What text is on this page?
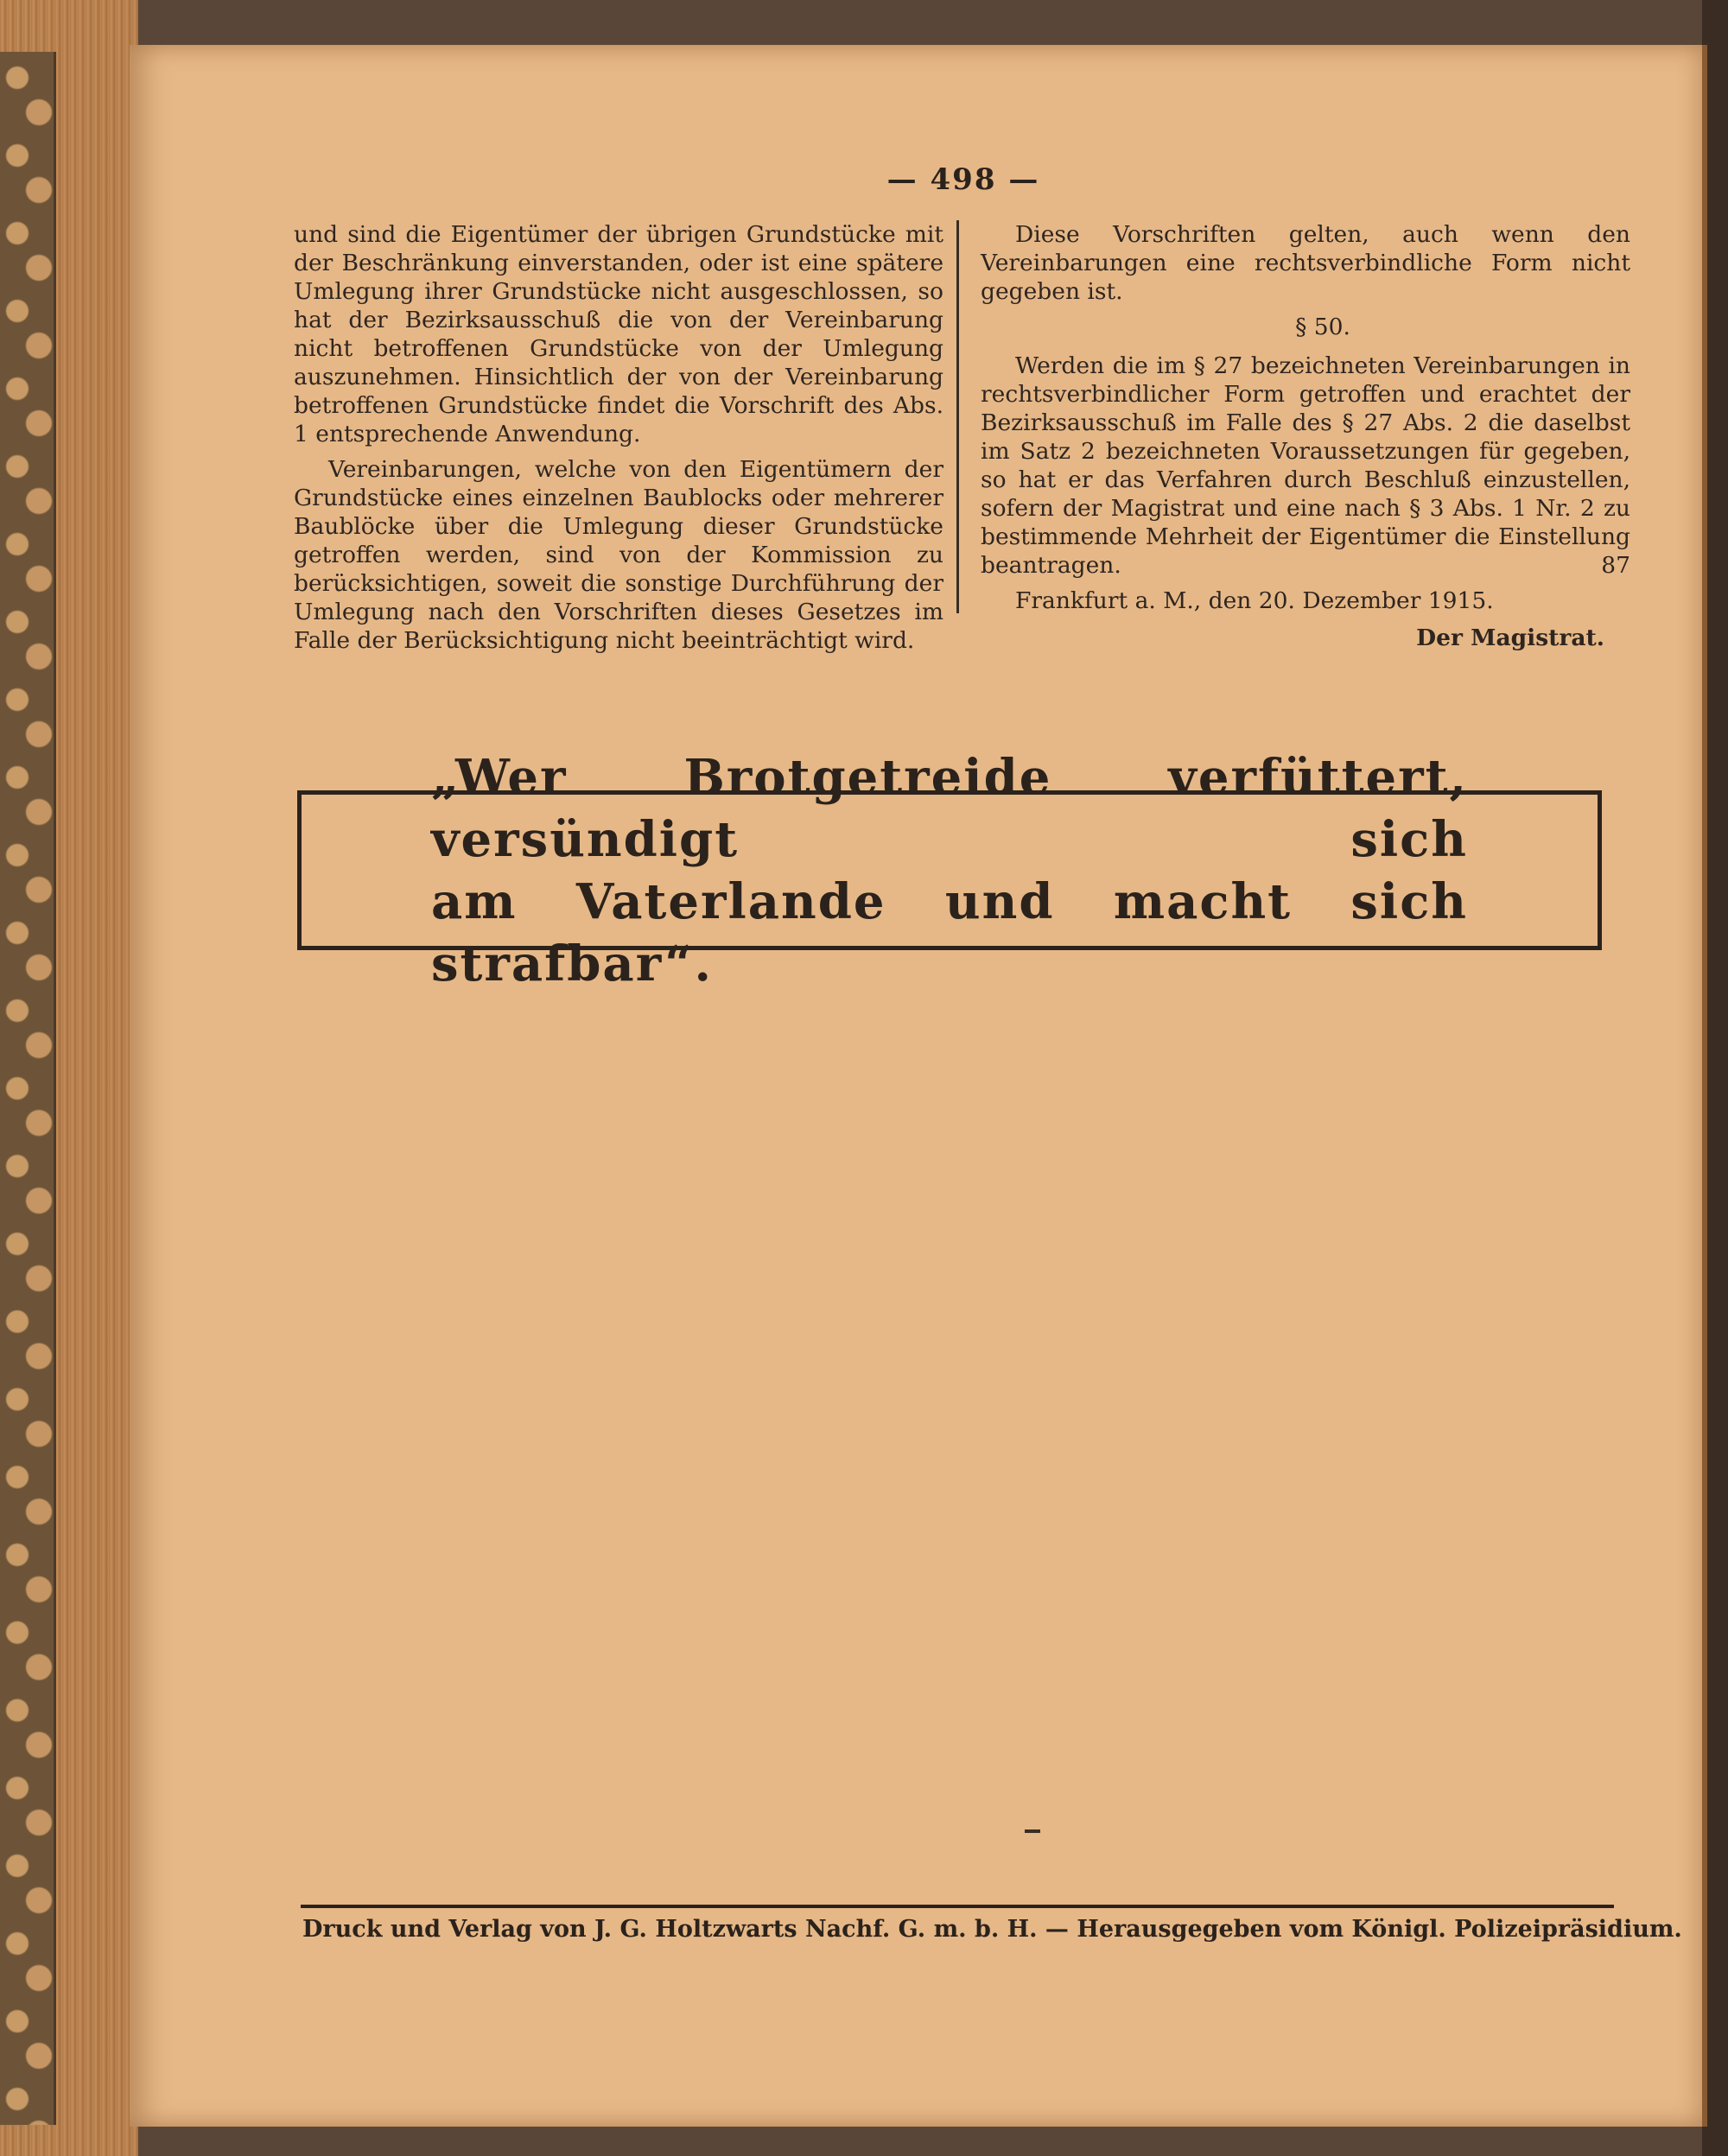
— 498 —

und sind die Eigentümer der übrigen Grundstücke mit der Beschränkung einverstanden, oder ist eine spätere Umlegung ihrer Grundstücke nicht ausgeschlossen, so hat der Bezirksausschuß die von der Vereinbarung nicht betroffenen Grundstücke von der Umlegung auszunehmen. Hinsichtlich der von der Vereinbarung betroffenen Grundstücke findet die Vorschrift des Abs. 1 entsprechende Anwendung.

Vereinbarungen, welche von den Eigentümern der Grundstücke eines einzelnen Baublocks oder mehrerer Baublöcke über die Umlegung dieser Grundstücke getroffen werden, sind von der Kommission zu berücksichtigen, soweit die sonstige Durchführung der Umlegung nach den Vorschriften dieses Gesetzes im Falle der Berücksichtigung nicht beeinträchtigt wird.

Diese Vorschriften gelten, auch wenn den Vereinbarungen eine rechtsverbindliche Form nicht gegeben ist.

§ 50.

Werden die im § 27 bezeichneten Vereinbarungen in rechtsverbindlicher Form getroffen und erachtet der Bezirksausschuß im Falle des § 27 Abs. 2 die daselbst im Satz 2 bezeichneten Voraussetzungen für gegeben, so hat er das Verfahren durch Beschluß einzustellen, sofern der Magistrat und eine nach § 3 Abs. 1 Nr. 2 zu bestimmende Mehrheit der Eigentümer die Einstellung beantragen.	87

Frankfurt a. M., den 20. Dezember 1915.
Der Magistrat.
„Wer Brotgetreide verfüttert, versündigt sich
am Vaterlande und macht sich strafbar“.
Druck und Verlag von J. G. Holtzwarts Nachf. G. m. b. H. — Herausgegeben vom Königl. Polizeipräsidium.
